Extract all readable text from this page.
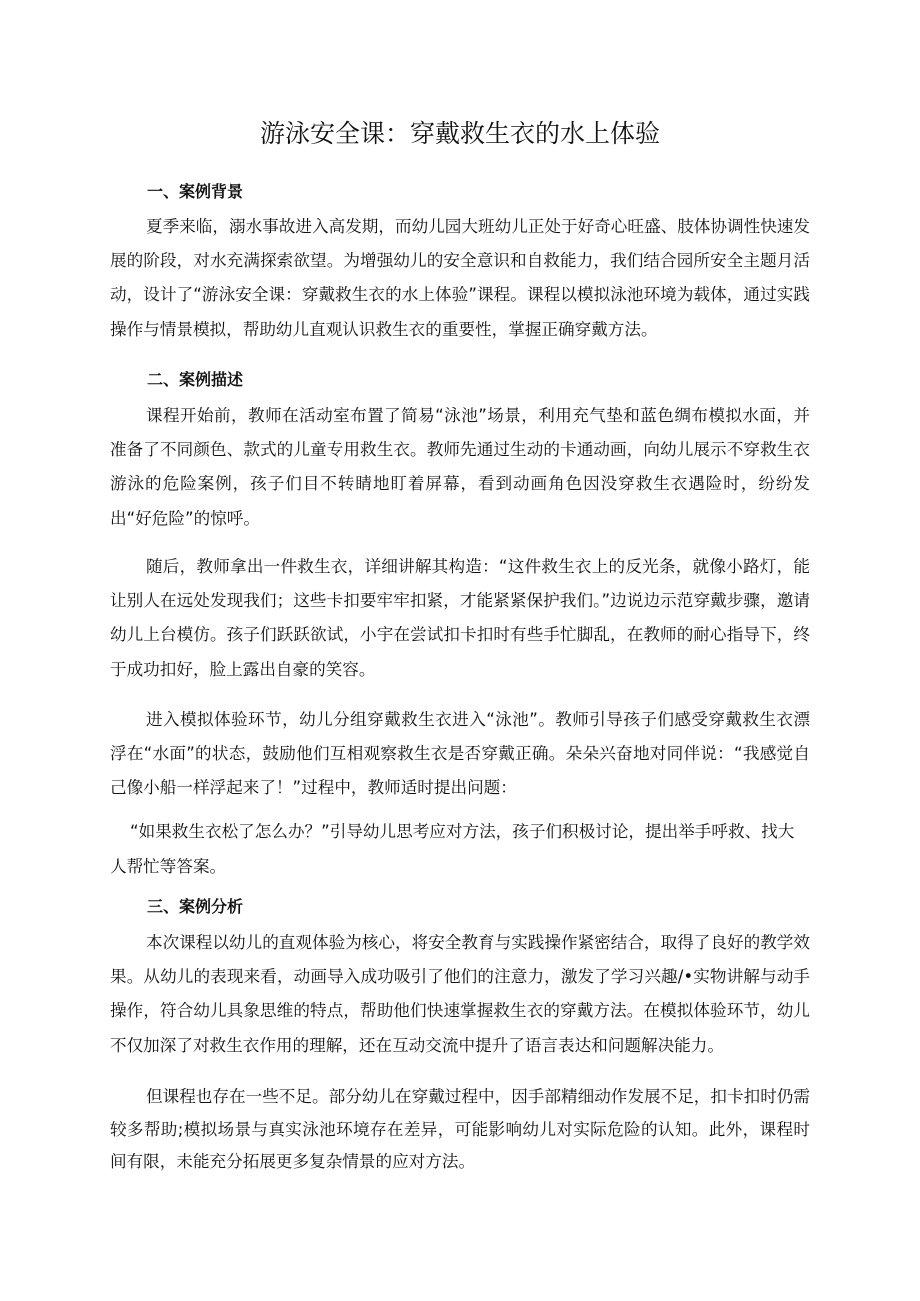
游泳安全课：穿戴救生衣的水上体验
一、案例背景
夏季来临，溺水事故进入高发期，而幼儿园大班幼儿正处于好奇心旺盛、肢体协调性快速发展的阶段，对水充满探索欲望。为增强幼儿的安全意识和自救能力，我们结合园所安全主题月活动，设计了“游泳安全课：穿戴救生衣的水上体验”课程。课程以模拟泳池环境为载体，通过实践操作与情景模拟，帮助幼儿直观认识救生衣的重要性，掌握正确穿戴方法。
二、案例描述
课程开始前，教师在活动室布置了简易“泳池”场景，利用充气垫和蓝色绸布模拟水面，并准备了不同颜色、款式的儿童专用救生衣。教师先通过生动的卡通动画，向幼儿展示不穿救生衣游泳的危险案例，孩子们目不转睛地盯着屏幕，看到动画角色因没穿救生衣遇险时，纷纷发出“好危险”的惊呼。
随后，教师拿出一件救生衣，详细讲解其构造：“这件救生衣上的反光条，就像小路灯，能让别人在远处发现我们；这些卡扣要牢牢扣紧，才能紧紧保护我们。”边说边示范穿戴步骤，邀请幼儿上台模仿。孩子们跃跃欲试，小宇在尝试扣卡扣时有些手忙脚乱，在教师的耐心指导下，终于成功扣好，脸上露出自豪的笑容。
进入模拟体验环节，幼儿分组穿戴救生衣进入“泳池”。教师引导孩子们感受穿戴救生衣漂浮在“水面”的状态，鼓励他们互相观察救生衣是否穿戴正确。朵朵兴奋地对同伴说：“我感觉自己像小船一样浮起来了！”过程中，教师适时提出问题：
“如果救生衣松了怎么办？”引导幼儿思考应对方法，孩子们积极讨论，提出举手呼救、找大
人帮忙等答案。
三、案例分析
本次课程以幼儿的直观体验为核心，将安全教育与实践操作紧密结合，取得了良好的教学效果。从幼儿的表现来看，动画导入成功吸引了他们的注意力，激发了学习兴趣/•实物讲解与动手操作，符合幼儿具象思维的特点，帮助他们快速掌握救生衣的穿戴方法。在模拟体验环节，幼儿不仅加深了对救生衣作用的理解，还在互动交流中提升了语言表达和问题解决能力。
但课程也存在一些不足。部分幼儿在穿戴过程中，因手部精细动作发展不足，扣卡扣时仍需较多帮助;模拟场景与真实泳池环境存在差异，可能影响幼儿对实际危险的认知。此外，课程时间有限，未能充分拓展更多复杂情景的应对方法。
